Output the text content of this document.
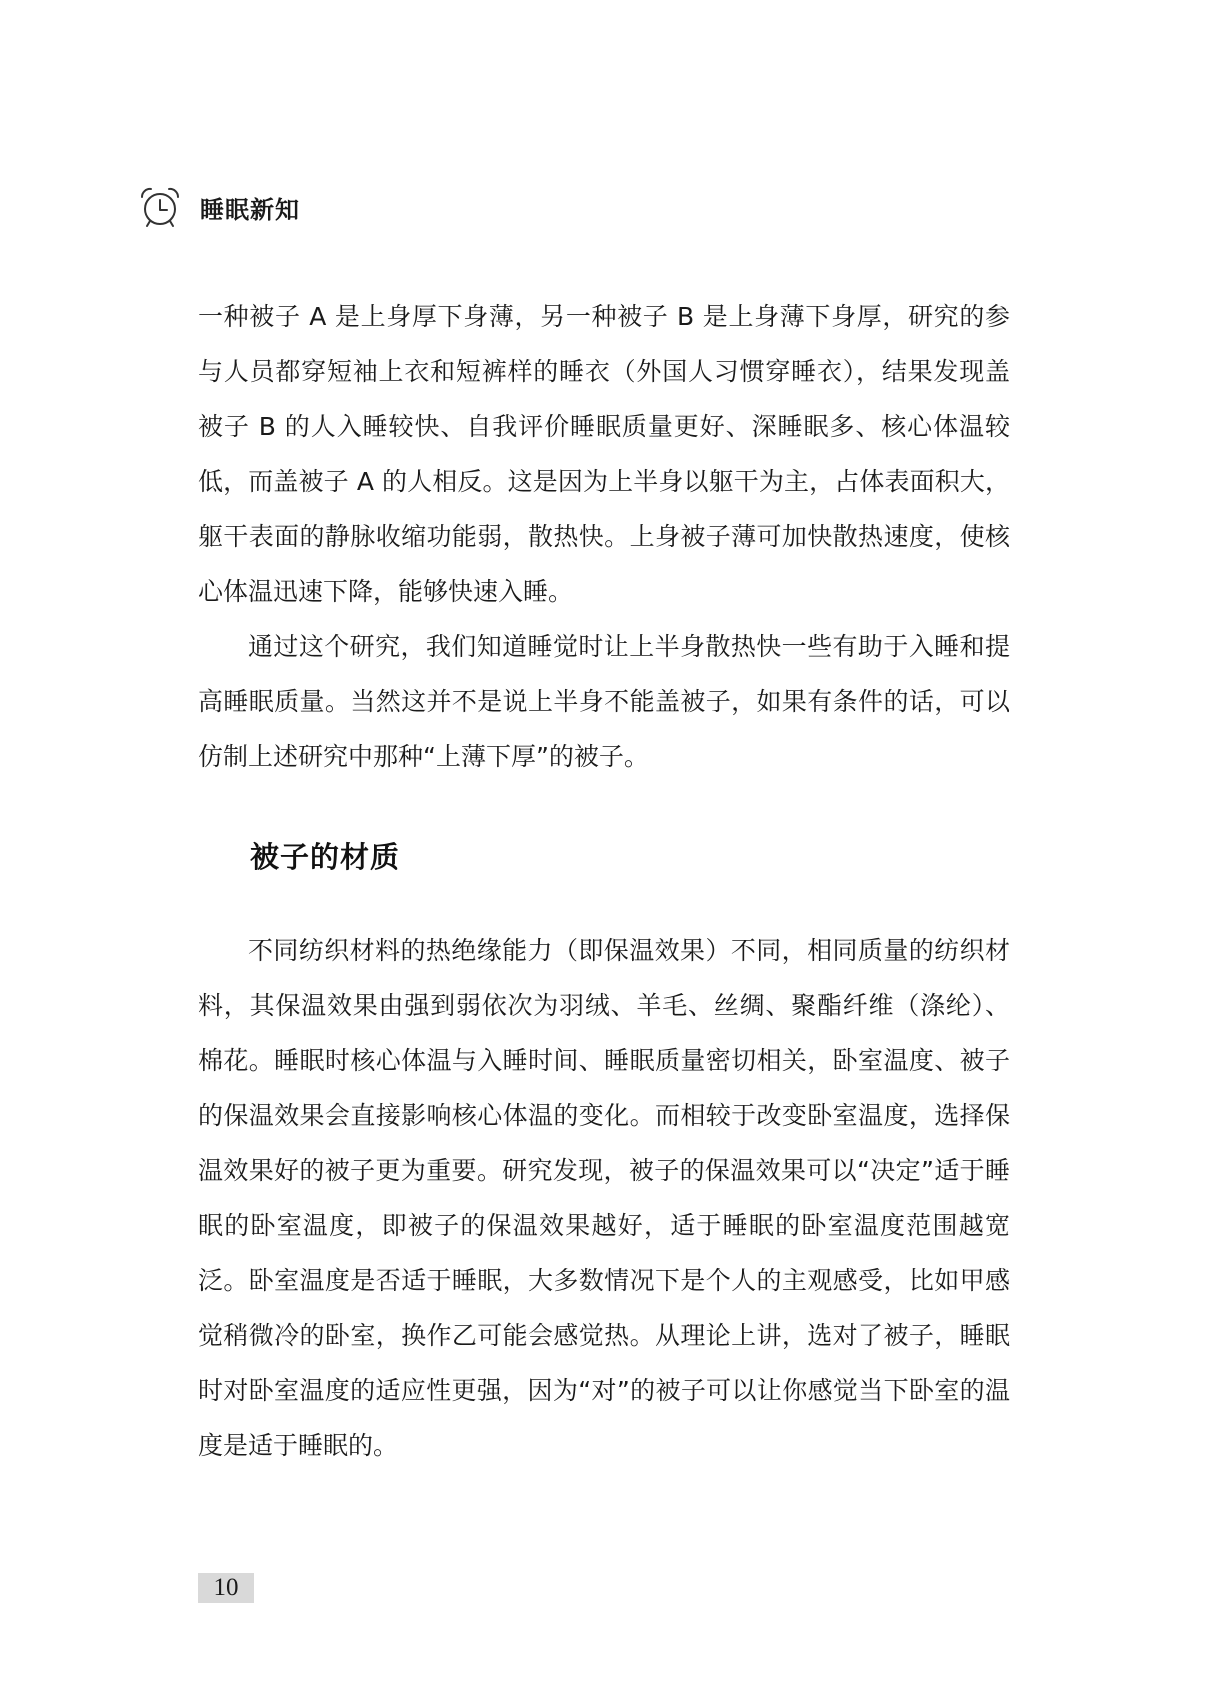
睡眠新知

一种被子 A 是上身厚下身薄，另一种被子 B 是上身薄下身厚，研究的参与人员都穿短袖上衣和短裤样的睡衣（外国人习惯穿睡衣），结果发现盖被子 B 的人入睡较快、自我评价睡眠质量更好、深睡眠多、核心体温较低，而盖被子 A 的人相反。这是因为上半身以躯干为主，占体表面积大，躯干表面的静脉收缩功能弱，散热快。上身被子薄可加快散热速度，使核心体温迅速下降，能够快速入睡。

通过这个研究，我们知道睡觉时让上半身散热快一些有助于入睡和提高睡眠质量。当然这并不是说上半身不能盖被子，如果有条件的话，可以仿制上述研究中那种“上薄下厚”的被子。

被子的材质

不同纺织材料的热绝缘能力（即保温效果）不同，相同质量的纺织材料，其保温效果由强到弱依次为羽绒、羊毛、丝绸、聚酯纤维（涤纶）、棉花。睡眠时核心体温与入睡时间、睡眠质量密切相关，卧室温度、被子的保温效果会直接影响核心体温的变化。而相较于改变卧室温度，选择保温效果好的被子更为重要。研究发现，被子的保温效果可以“决定”适于睡眠的卧室温度，即被子的保温效果越好，适于睡眠的卧室温度范围越宽泛。卧室温度是否适于睡眠，大多数情况下是个人的主观感受，比如甲感觉稍微冷的卧室，换作乙可能会感觉热。从理论上讲，选对了被子，睡眠时对卧室温度的适应性更强，因为“对”的被子可以让你感觉当下卧室的温度是适于睡眠的。

10
